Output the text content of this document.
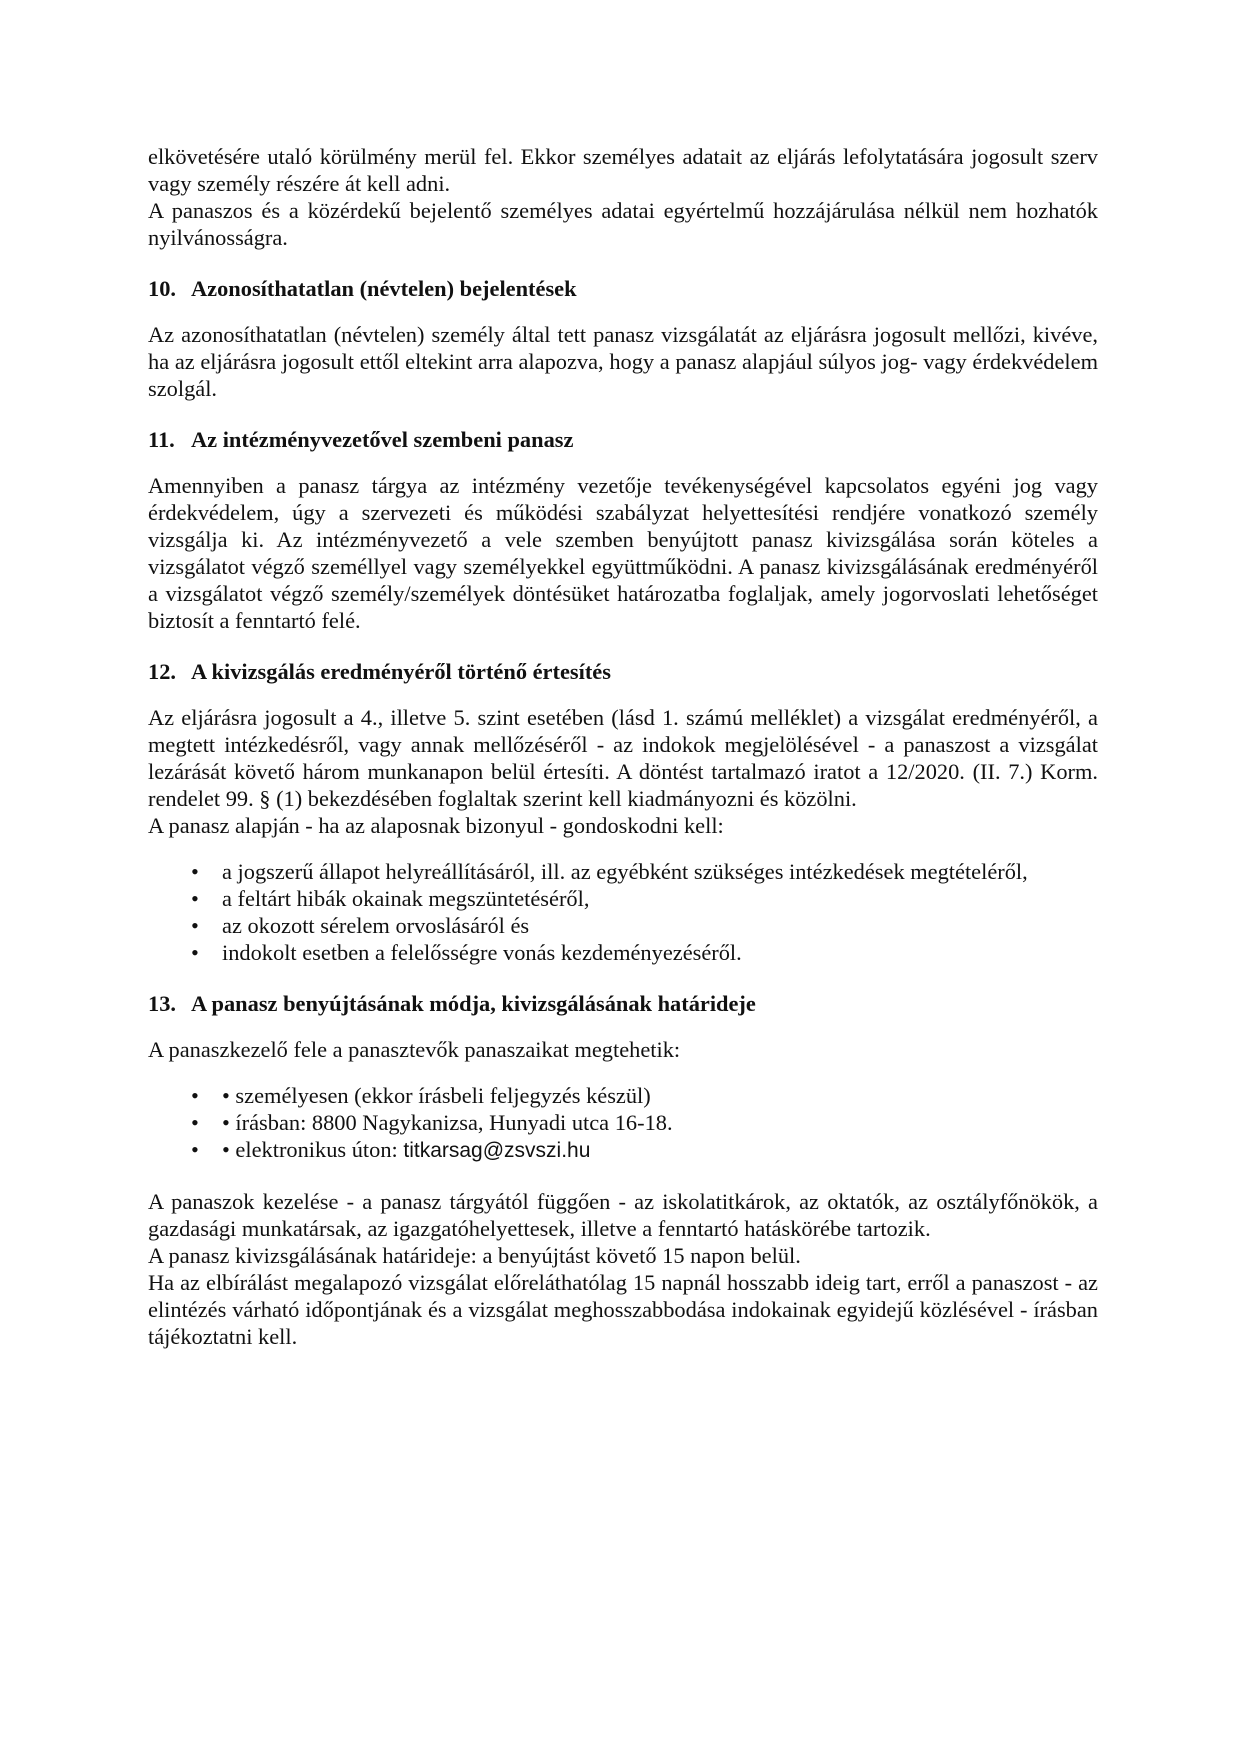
elkövetésére utaló körülmény merül fel. Ekkor személyes adatait az eljárás lefolytatására jogosult szerv vagy személy részére át kell adni.

A panaszos és a közérdekű bejelentő személyes adatai egyértelmű hozzájárulása nélkül nem hozhatók nyilvánosságra.

10. Azonosíthatatlan (névtelen) bejelentések

Az azonosíthatatlan (névtelen) személy által tett panasz vizsgálatát az eljárásra jogosult mellőzi, kivéve, ha az eljárásra jogosult ettől eltekint arra alapozva, hogy a panasz alapjául súlyos jog- vagy érdekvédelem szolgál.

11. Az intézményvezetővel szembeni panasz

Amennyiben a panasz tárgya az intézmény vezetője tevékenységével kapcsolatos egyéni jog vagy érdekvédelem, úgy a szervezeti és működési szabályzat helyettesítési rendjére vonatkozó személy vizsgálja ki. Az intézményvezető a vele szemben benyújtott panasz kivizsgálása során köteles a vizsgálatot végző személlyel vagy személyekkel együttműködni. A panasz kivizsgálásának eredményéről a vizsgálatot végző személy/személyek döntésüket határozatba foglaljak, amely jogorvoslati lehetőséget biztosít a fenntartó felé.

12. A kivizsgálás eredményéről történő értesítés

Az eljárásra jogosult a 4., illetve 5. szint esetében (lásd 1. számú melléklet) a vizsgálat eredményéről, a megtett intézkedésről, vagy annak mellőzéséről - az indokok megjelölésével - a panaszost a vizsgálat lezárását követő három munkanapon belül értesíti. A döntést tartalmazó iratot a 12/2020. (II. 7.) Korm. rendelet 99. § (1) bekezdésében foglaltak szerint kell kiadmányozni és közölni.

A panasz alapján - ha az alaposnak bizonyul - gondoskodni kell:

• a jogszerű állapot helyreállításáról, ill. az egyébként szükséges intézkedések megtételéről,
• a feltárt hibák okainak megszüntetéséről,
• az okozott sérelem orvoslásáról és
• indokolt esetben a felelősségre vonás kezdeményezéséről.
13. A panasz benyújtásának módja, kivizsgálásának határideje

A panaszkezelő fele a panasztevők panaszaikat megtehetik:

• • személyesen (ekkor írásbeli feljegyzés készül)
• • írásban: 8800 Nagykanizsa, Hunyadi utca 16-18.
• • elektronikus úton: titkarsag@zsvszi.hu

A panaszok kezelése - a panasz tárgyától függően - az iskolatitkárok, az oktatók, az osztályfőnökök, a gazdasági munkatársak, az igazgatóhelyettesek, illetve a fenntartó hatáskörébe tartozik.

A panasz kivizsgálásának határideje: a benyújtást követő 15 napon belül.

Ha az elbírálást megalapozó vizsgálat előreláthatólag 15 napnál hosszabb ideig tart, erről a panaszost - az elintézés várható időpontjának és a vizsgálat meghosszabbodása indokainak egyidejű közlésével - írásban tájékoztatni kell.
